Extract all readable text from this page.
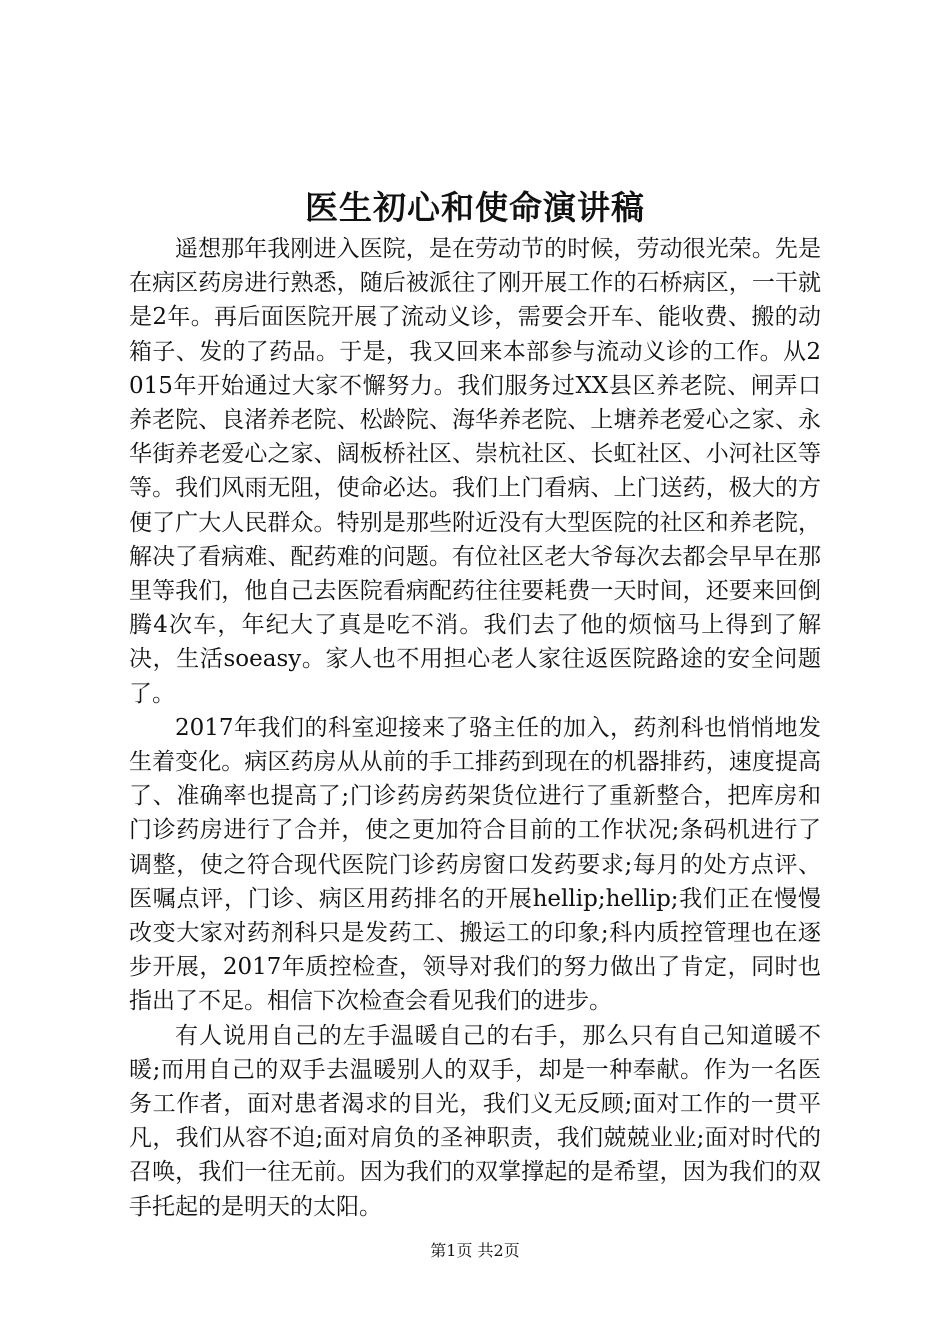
医生初心和使命演讲稿

遥想那年我刚进入医院，是在劳动节的时候，劳动很光荣。先是在病区药房进行熟悉，随后被派往了刚开展工作的石桥病区，一干就是2年。再后面医院开展了流动义诊，需要会开车、能收费、搬的动箱子、发的了药品。于是，我又回来本部参与流动义诊的工作。从2015年开始通过大家不懈努力。我们服务过XX县区养老院、闸弄口养老院、良渚养老院、松龄院、海华养老院、上塘养老爱心之家、永华街养老爱心之家、阔板桥社区、崇杭社区、长虹社区、小河社区等等。我们风雨无阻，使命必达。我们上门看病、上门送药，极大的方便了广大人民群众。特别是那些附近没有大型医院的社区和养老院，解决了看病难、配药难的问题。有位社区老大爷每次去都会早早在那里等我们，他自己去医院看病配药往往要耗费一天时间，还要来回倒腾4次车，年纪大了真是吃不消。我们去了他的烦恼马上得到了解决，生活soeasy。家人也不用担心老人家往返医院路途的安全问题了。

2017年我们的科室迎接来了骆主任的加入，药剂科也悄悄地发生着变化。病区药房从从前的手工排药到现在的机器排药，速度提高了、准确率也提高了;门诊药房药架货位进行了重新整合，把库房和门诊药房进行了合并，使之更加符合目前的工作状况;条码机进行了调整，使之符合现代医院门诊药房窗口发药要求;每月的处方点评、医嘱点评，门诊、病区用药排名的开展hellip;hellip;我们正在慢慢改变大家对药剂科只是发药工、搬运工的印象;科内质控管理也在逐步开展，2017年质控检查，领导对我们的努力做出了肯定，同时也指出了不足。相信下次检查会看见我们的进步。

有人说用自己的左手温暖自己的右手，那么只有自己知道暖不暖;而用自己的双手去温暖别人的双手，却是一种奉献。作为一名医务工作者，面对患者渴求的目光，我们义无反顾;面对工作的一贯平凡，我们从容不迫;面对肩负的圣神职责，我们兢兢业业;面对时代的召唤，我们一往无前。因为我们的双掌撑起的是希望，因为我们的双手托起的是明天的太阳。

第1页 共2页
